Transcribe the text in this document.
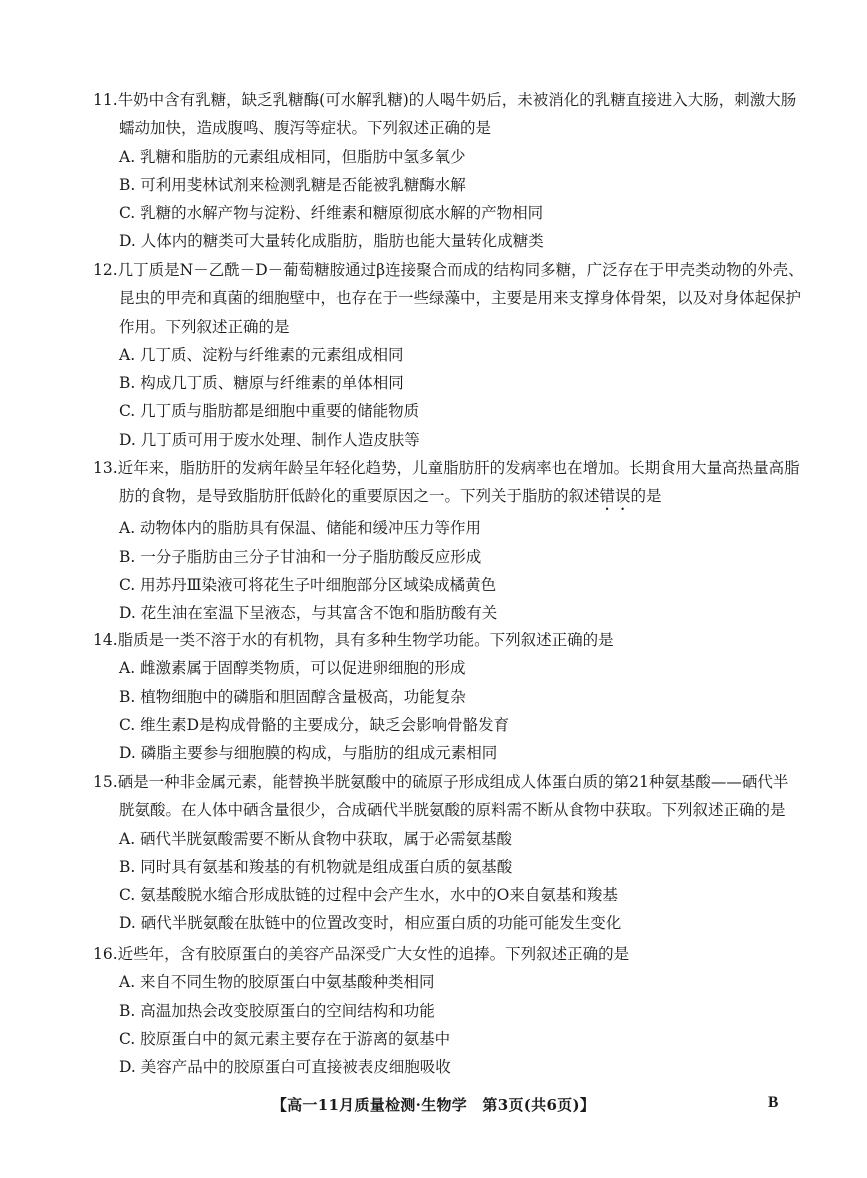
11.牛奶中含有乳糖，缺乏乳糖酶(可水解乳糖)的人喝牛奶后，未被消化的乳糖直接进入大肠，刺激大肠
蠕动加快，造成腹鸣、腹泻等症状。下列叙述正确的是
A. 乳糖和脂肪的元素组成相同，但脂肪中氢多氧少
B. 可利用斐林试剂来检测乳糖是否能被乳糖酶水解
C. 乳糖的水解产物与淀粉、纤维素和糖原彻底水解的产物相同
D. 人体内的糖类可大量转化成脂肪，脂肪也能大量转化成糖类
12.几丁质是N－乙酰－D－葡萄糖胺通过β连接聚合而成的结构同多糖，广泛存在于甲壳类动物的外壳、
昆虫的甲壳和真菌的细胞壁中，也存在于一些绿藻中，主要是用来支撑身体骨架，以及对身体起保护
作用。下列叙述正确的是
A. 几丁质、淀粉与纤维素的元素组成相同
B. 构成几丁质、糖原与纤维素的单体相同
C. 几丁质与脂肪都是细胞中重要的储能物质
D. 几丁质可用于废水处理、制作人造皮肤等
13.近年来，脂肪肝的发病年龄呈年轻化趋势，儿童脂肪肝的发病率也在增加。长期食用大量高热量高脂
肪的食物，是导致脂肪肝低龄化的重要原因之一。下列关于脂肪的叙述错误的是
A. 动物体内的脂肪具有保温、储能和缓冲压力等作用
B. 一分子脂肪由三分子甘油和一分子脂肪酸反应形成
C. 用苏丹Ⅲ染液可将花生子叶细胞部分区域染成橘黄色
D. 花生油在室温下呈液态，与其富含不饱和脂肪酸有关
14.脂质是一类不溶于水的有机物，具有多种生物学功能。下列叙述正确的是
A. 雌激素属于固醇类物质，可以促进卵细胞的形成
B. 植物细胞中的磷脂和胆固醇含量极高，功能复杂
C. 维生素D是构成骨骼的主要成分，缺乏会影响骨骼发育
D. 磷脂主要参与细胞膜的构成，与脂肪的组成元素相同
15.硒是一种非金属元素，能替换半胱氨酸中的硫原子形成组成人体蛋白质的第21种氨基酸——硒代半
胱氨酸。在人体中硒含量很少，合成硒代半胱氨酸的原料需不断从食物中获取。下列叙述正确的是
A. 硒代半胱氨酸需要不断从食物中获取，属于必需氨基酸
B. 同时具有氨基和羧基的有机物就是组成蛋白质的氨基酸
C. 氨基酸脱水缩合形成肽链的过程中会产生水，水中的O来自氨基和羧基
D. 硒代半胱氨酸在肽链中的位置改变时，相应蛋白质的功能可能发生变化
16.近些年，含有胶原蛋白的美容产品深受广大女性的追捧。下列叙述正确的是
A. 来自不同生物的胶原蛋白中氨基酸种类相同
B. 高温加热会改变胶原蛋白的空间结构和功能
C. 胶原蛋白中的氮元素主要存在于游离的氨基中
D. 美容产品中的胶原蛋白可直接被表皮细胞吸收
【高一11月质量检测·生物学　第3页(共6页)】	B
